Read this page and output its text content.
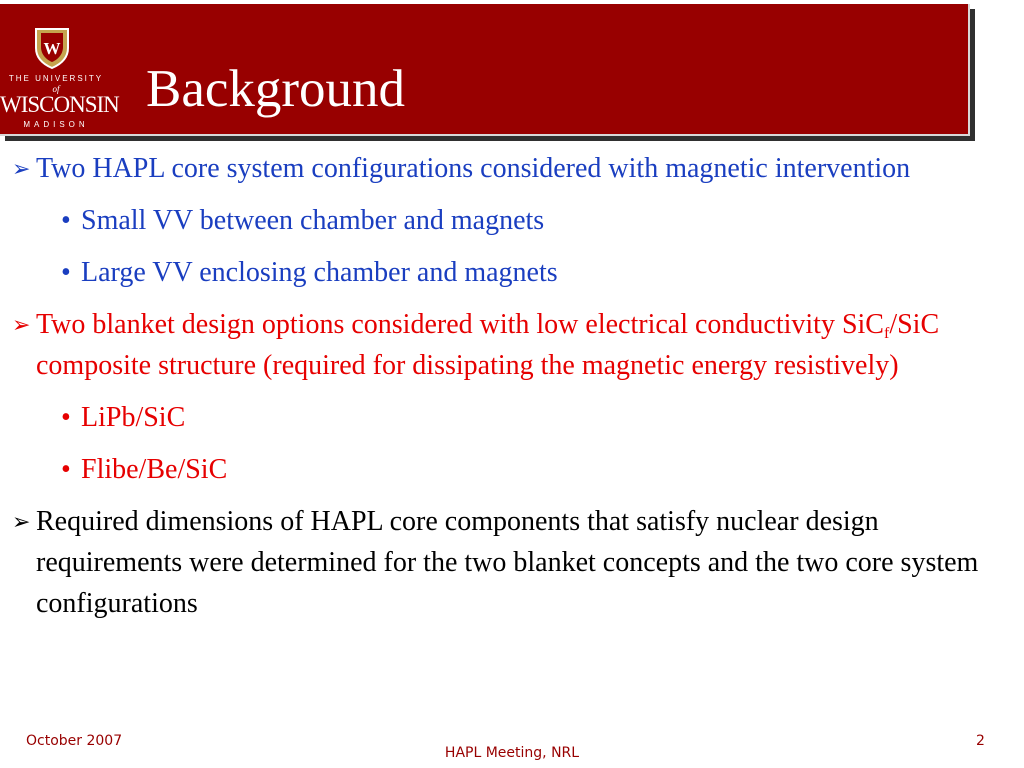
W
THE UNIVERSITY
of
WISCONSIN
MADISON
Background
➢ Two HAPL core system configurations considered with magnetic intervention
• Small VV between chamber and magnets
• Large VV enclosing chamber and magnets
➢ Two blanket design options considered with low electrical conductivity SiC$_f$/SiC composite structure (required for dissipating the magnetic energy resistively)
• LiPb/SiC
• Flibe/Be/SiC
➢ Required dimensions of HAPL core components that satisfy nuclear design requirements were determined for the two blanket concepts and the two core system configurations
October 2007
HAPL Meeting, NRL
2
